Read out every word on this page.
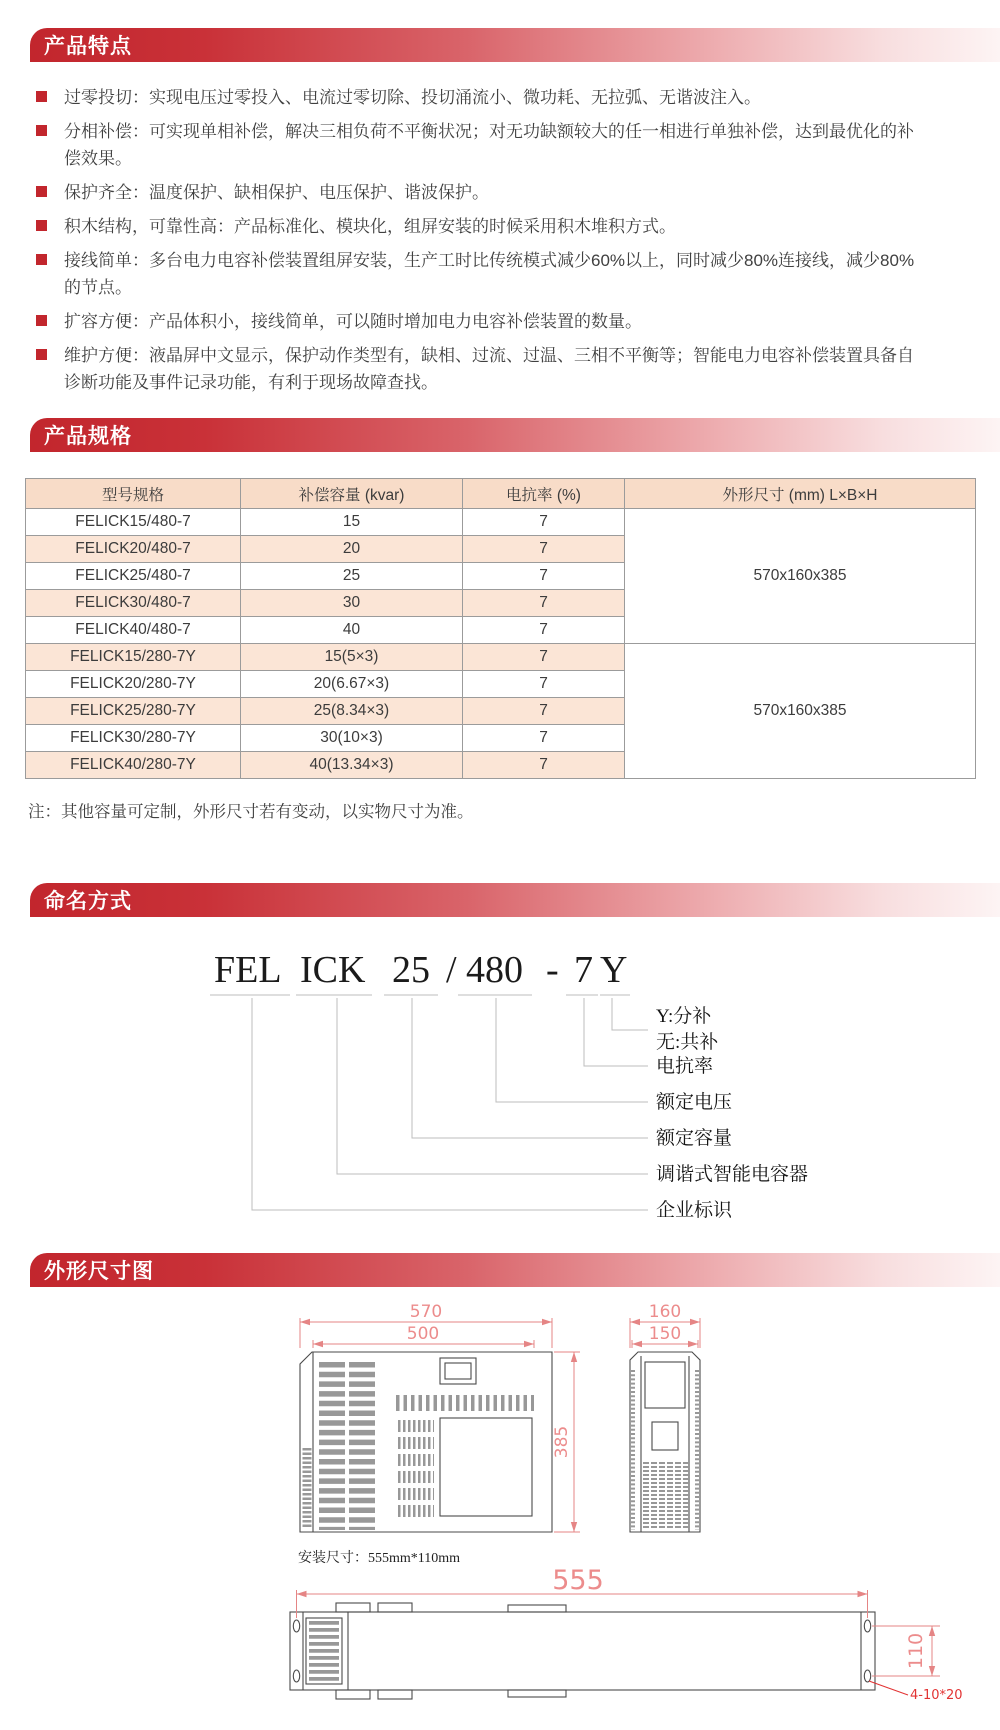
产品特点
过零投切：实现电压过零投入、电流过零切除、投切涌流小、微功耗、无拉弧、无谐波注入。
分相补偿：可实现单相补偿，解决三相负荷不平衡状况；对无功缺额较大的任一相进行单独补偿，达到最优化的补偿效果。
保护齐全：温度保护、缺相保护、电压保护、谐波保护。
积木结构，可靠性高：产品标准化、模块化，组屏安装的时候采用积木堆积方式。
接线简单：多台电力电容补偿装置组屏安装，生产工时比传统模式减少60%以上，同时减少80%连接线，减少80%的节点。
扩容方便：产品体积小，接线简单，可以随时增加电力电容补偿装置的数量。
维护方便：液晶屏中文显示，保护动作类型有，缺相、过流、过温、三相不平衡等；智能电力电容补偿装置具备自诊断功能及事件记录功能，有利于现场故障查找。
产品规格
型号规格	补偿容量 (kvar)	电抗率 (%)	外形尺寸 (mm) L×B×H
FELICK15/480-7	15	7	570x160x385
FELICK20/480-7	20	7	
FELICK25/480-7	25	7	
FELICK30/480-7	30	7	
FELICK40/480-7	40	7	
FELICK15/280-7Y	15(5×3)	7	570x160x385
FELICK20/280-7Y	20(6.67×3)	7	
FELICK25/280-7Y	25(8.34×3)	7	
FELICK30/280-7Y	30(10×3)	7	
FELICK40/280-7Y	40(13.34×3)	7	
注：其他容量可定制，外形尺寸若有变动，以实物尺寸为准。
命名方式
FEL ICK 25 / 480 - 7 Y
Y:分补
无:共补
电抗率
额定电压
额定容量
调谐式智能电容器
企业标识
外形尺寸图
570
500
385
160
150
安装尺寸：555mm*110mm
555
110
4-10*20
